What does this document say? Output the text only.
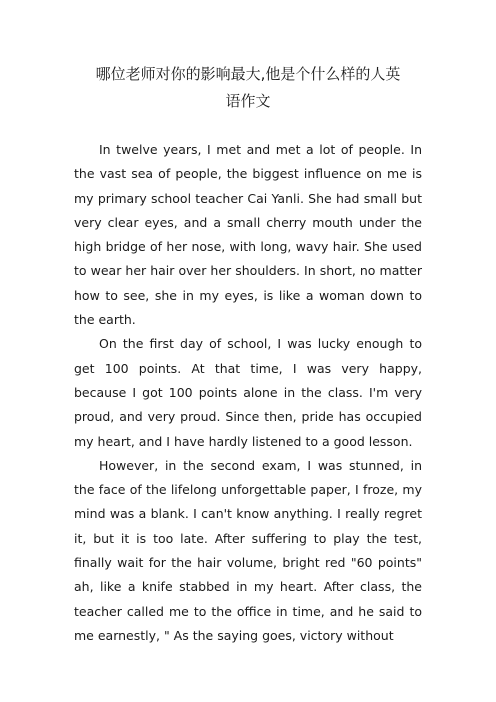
哪位老师对你的影响最大,他是个什么样的人英
语作文

In twelve years, I met and met a lot of people. In the vast sea of people, the biggest influence on me is my primary school teacher Cai Yanli. She had small but very clear eyes, and a small cherry mouth under the high bridge of her nose, with long, wavy hair. She used to wear her hair over her shoulders. In short, no matter how to see, she in my eyes, is like a woman down to the earth.

On the first day of school, I was lucky enough to get 100 points. At that time, I was very happy, because I got 100 points alone in the class. I'm very proud, and very proud. Since then, pride has occupied my heart, and I have hardly listened to a good lesson.

However, in the second exam, I was stunned, in the face of the lifelong unforgettable paper, I froze, my mind was a blank. I can't know anything. I really regret it, but it is too late. After suffering to play the test, finally wait for the hair volume, bright red "60 points" ah, like a knife stabbed in my heart. After class, the teacher called me to the office in time, and he said to me earnestly, " As the saying goes, victory without
